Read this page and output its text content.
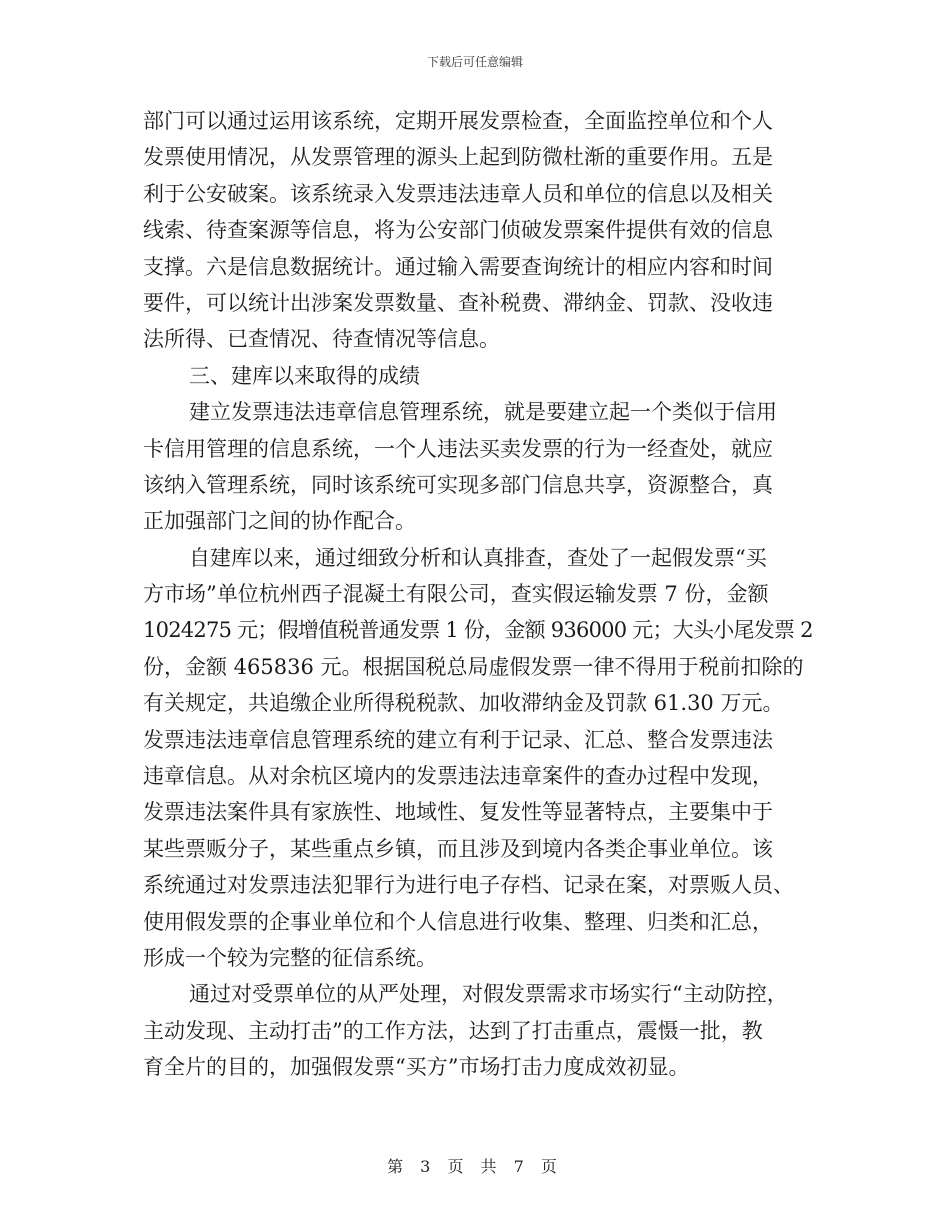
下载后可任意编辑
部门可以通过运用该系统，定期开展发票检查，全面监控单位和个人
发票使用情况，从发票管理的源头上起到防微杜渐的重要作用。五是
利于公安破案。该系统录入发票违法违章人员和单位的信息以及相关
线索、待查案源等信息，将为公安部门侦破发票案件提供有效的信息
支撑。六是信息数据统计。通过输入需要查询统计的相应内容和时间
要件，可以统计出涉案发票数量、查补税费、滞纳金、罚款、没收违
法所得、已查情况、待查情况等信息。
三、建库以来取得的成绩
建立发票违法违章信息管理系统，就是要建立起一个类似于信用
卡信用管理的信息系统，一个人违法买卖发票的行为一经查处，就应
该纳入管理系统，同时该系统可实现多部门信息共享，资源整合，真
正加强部门之间的协作配合。
自建库以来，通过细致分析和认真排查，查处了一起假发票“买
方市场”单位杭州西子混凝土有限公司，查实假运输发票 7 份，金额
1024275 元；假增值税普通发票 1 份，金额 936000 元；大头小尾发票 2
份，金额 465836 元。根据国税总局虚假发票一律不得用于税前扣除的
有关规定，共追缴企业所得税税款、加收滞纳金及罚款 61.30 万元。
发票违法违章信息管理系统的建立有利于记录、汇总、整合发票违法
违章信息。从对余杭区境内的发票违法违章案件的查办过程中发现，
发票违法案件具有家族性、地域性、复发性等显著特点，主要集中于
某些票贩分子，某些重点乡镇，而且涉及到境内各类企事业单位。该
系统通过对发票违法犯罪行为进行电子存档、记录在案，对票贩人员、
使用假发票的企事业单位和个人信息进行收集、整理、归类和汇总，
形成一个较为完整的征信系统。
通过对受票单位的从严处理，对假发票需求市场实行“主动防控，
主动发现、主动打击”的工作方法，达到了打击重点，震慑一批，教
育全片的目的，加强假发票“买方”市场打击力度成效初显。
第 3 页 共 7 页
